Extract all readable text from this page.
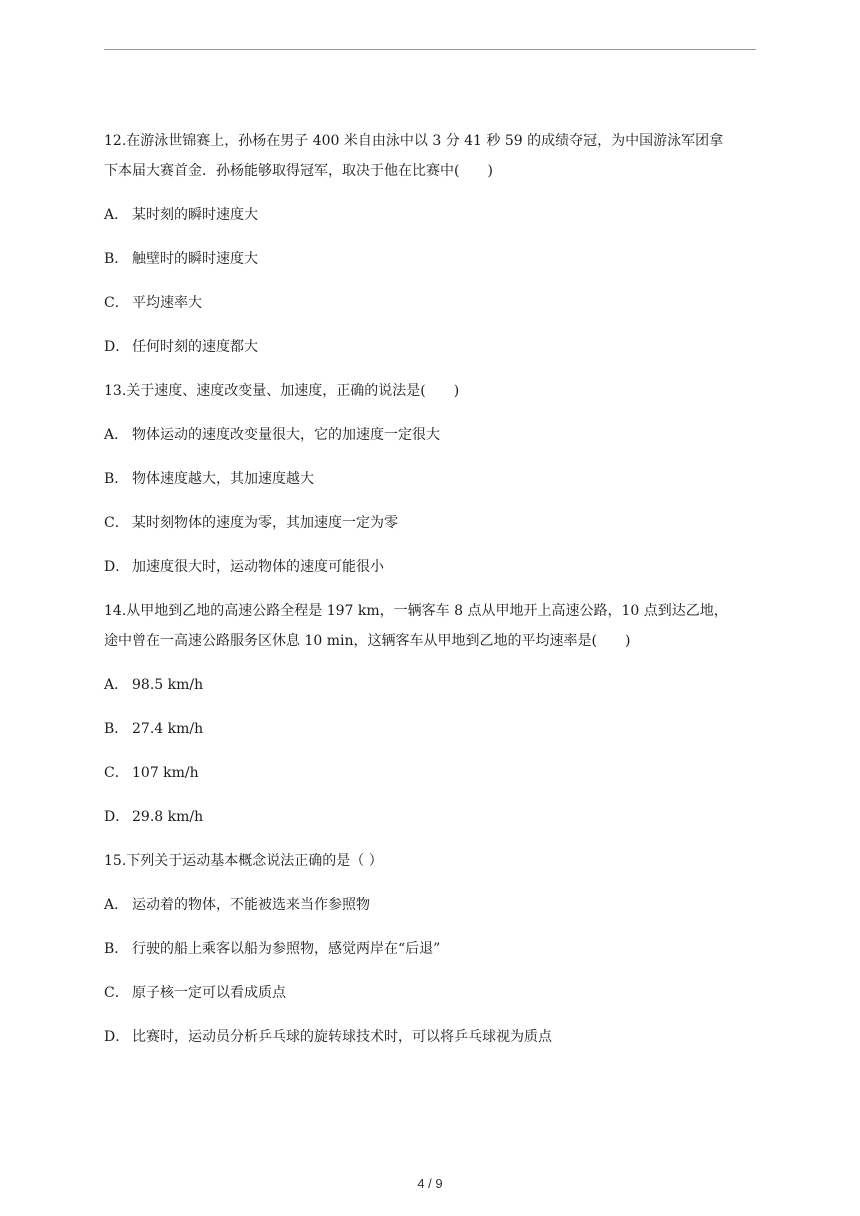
12.在游泳世锦赛上，孙杨在男子 400 米自由泳中以 3 分 41 秒 59 的成绩夺冠，为中国游泳军团拿
下本届大赛首金．孙杨能够取得冠军，取决于他在比赛中(　　)
A． 某时刻的瞬时速度大
B． 触壁时的瞬时速度大
C． 平均速率大
D． 任何时刻的速度都大
13.关于速度、速度改变量、加速度，正确的说法是(　　)
A． 物体运动的速度改变量很大，它的加速度一定很大
B． 物体速度越大，其加速度越大
C． 某时刻物体的速度为零，其加速度一定为零
D． 加速度很大时，运动物体的速度可能很小
14.从甲地到乙地的高速公路全程是 197 km，一辆客车 8 点从甲地开上高速公路，10 点到达乙地，
途中曾在一高速公路服务区休息 10 min，这辆客车从甲地到乙地的平均速率是(　　)
A． 98.5 km/h
B． 27.4 km/h
C． 107 km/h
D． 29.8 km/h
15.下列关于运动基本概念说法正确的是（ ）
A． 运动着的物体，不能被选来当作参照物
B． 行驶的船上乘客以船为参照物，感觉两岸在“后退”
C． 原子核一定可以看成质点
D． 比赛时，运动员分析乒乓球的旋转球技术时，可以将乒乓球视为质点
4 / 9
